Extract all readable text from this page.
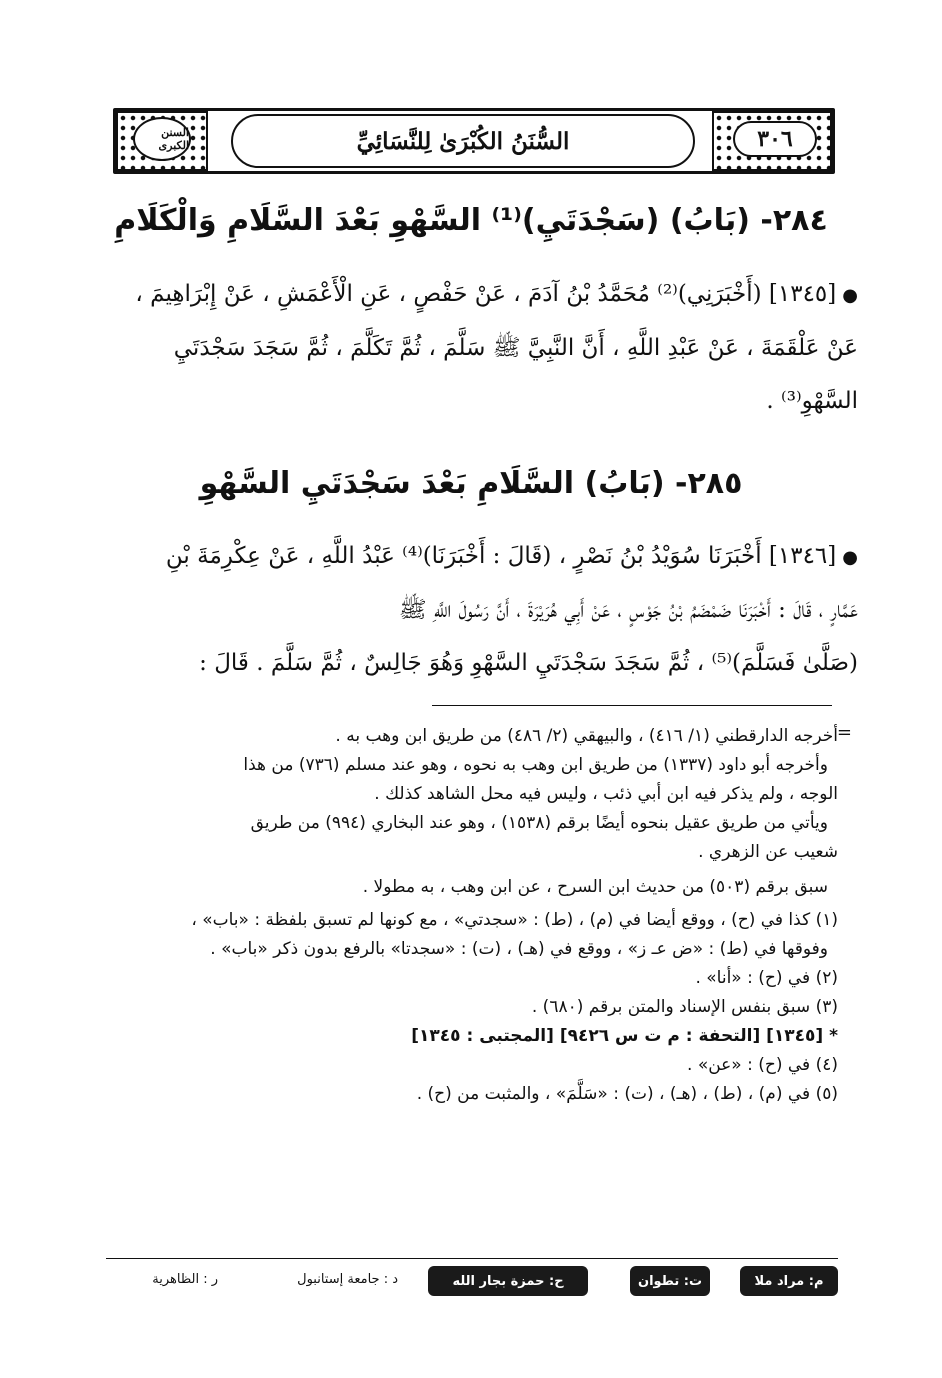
السُّنَنُ الكُبْرَىٰ لِلنَّسَائِيِّ	٣٠٦
السنن الكبرى
٢٨٤- (بَابُ) (سَجْدَتَيِ)⁽¹⁾ السَّهْوِ بَعْدَ السَّلَامِ وَالْكَلَامِ
●[١٣٤٥] (أَخْبَرَنِي)⁽²⁾ مُحَمَّدُ بْنُ آدَمَ ، عَنْ حَفْصٍ ، عَنِ الْأَعْمَشِ ، عَنْ إِبْرَاهِيمَ ،
عَنْ عَلْقَمَةَ ، عَنْ عَبْدِ اللَّهِ ، أَنَّ النَّبِيَّ ﷺ سَلَّمَ ، ثُمَّ تَكَلَّمَ ، ثُمَّ سَجَدَ سَجْدَتَيِ
السَّهْوِ⁽³⁾ .
٢٨٥- (بَابُ) السَّلَامِ بَعْدَ سَجْدَتَيِ السَّهْوِ
●[١٣٤٦] أَخْبَرَنَا سُوَيْدُ بْنُ نَصْرٍ ، (قَالَ : أَخْبَرَنَا)⁽⁴⁾ عَبْدُ اللَّهِ ، عَنْ عِكْرِمَةَ بْنِ
عَمَّارٍ ، قَالَ : أَخْبَرَنَا ضَمْضَمُ بْنُ جَوْسٍ ، عَنْ أَبِي هُرَيْرَةَ ، أَنَّ رَسُولَ اللَّهِ ﷺ
(صَلَّىٰ فَسَلَّمَ)⁽⁵⁾ ، ثُمَّ سَجَدَ سَجْدَتَيِ السَّهْوِ وَهُوَ جَالِسٌ ، ثُمَّ سَلَّمَ . قَالَ :
=
أخرجه الدارقطني (١/ ٤١٦) ، والبيهقي (٢/ ٤٨٦) من طريق ابن وهب به .
وأخرجه أبو داود (١٣٣٧) من طريق ابن وهب به نحوه ، وهو عند مسلم (٧٣٦) من هذا
الوجه ، ولم يذكر فيه ابن أبي ذئب ، وليس فيه محل الشاهد كذلك .
ويأتي من طريق عقيل بنحوه أيضًا برقم (١٥٣٨) ، وهو عند البخاري (٩٩٤) من طريق
شعيب عن الزهري .
سبق برقم (٥٠٣) من حديث ابن السرح ، عن ابن وهب ، به مطولا .
(١) كذا في (ح) ، ووقع أيضا في (م) ، (ط) : «سجدتي» ، مع كونها لم تسبق بلفظة : «باب» ،
وفوقها في (ط) : «ض عـ ز» ، ووقع في (هـ) ، (ت) : «سجدتا» بالرفع بدون ذكر «باب» .
(٢) في (ح) : «أنا» .
(٣) سبق بنفس الإسناد والمتن برقم (٦٨٠) .
* [١٣٤٥] [التحفة : م ت س ٩٤٢٦] [المجتبى : ١٣٤٥]
(٤) في (ح) : «عن» .
(٥) في (م) ، (ط) ، (هـ) ، (ت) : «سَلَّمَ» ، والمثبت من (ح) .
م: مراد ملا
ت: تطوان
ح: حمزة بجار الله
د : جامعة إستانبول
ر : الظاهرية
